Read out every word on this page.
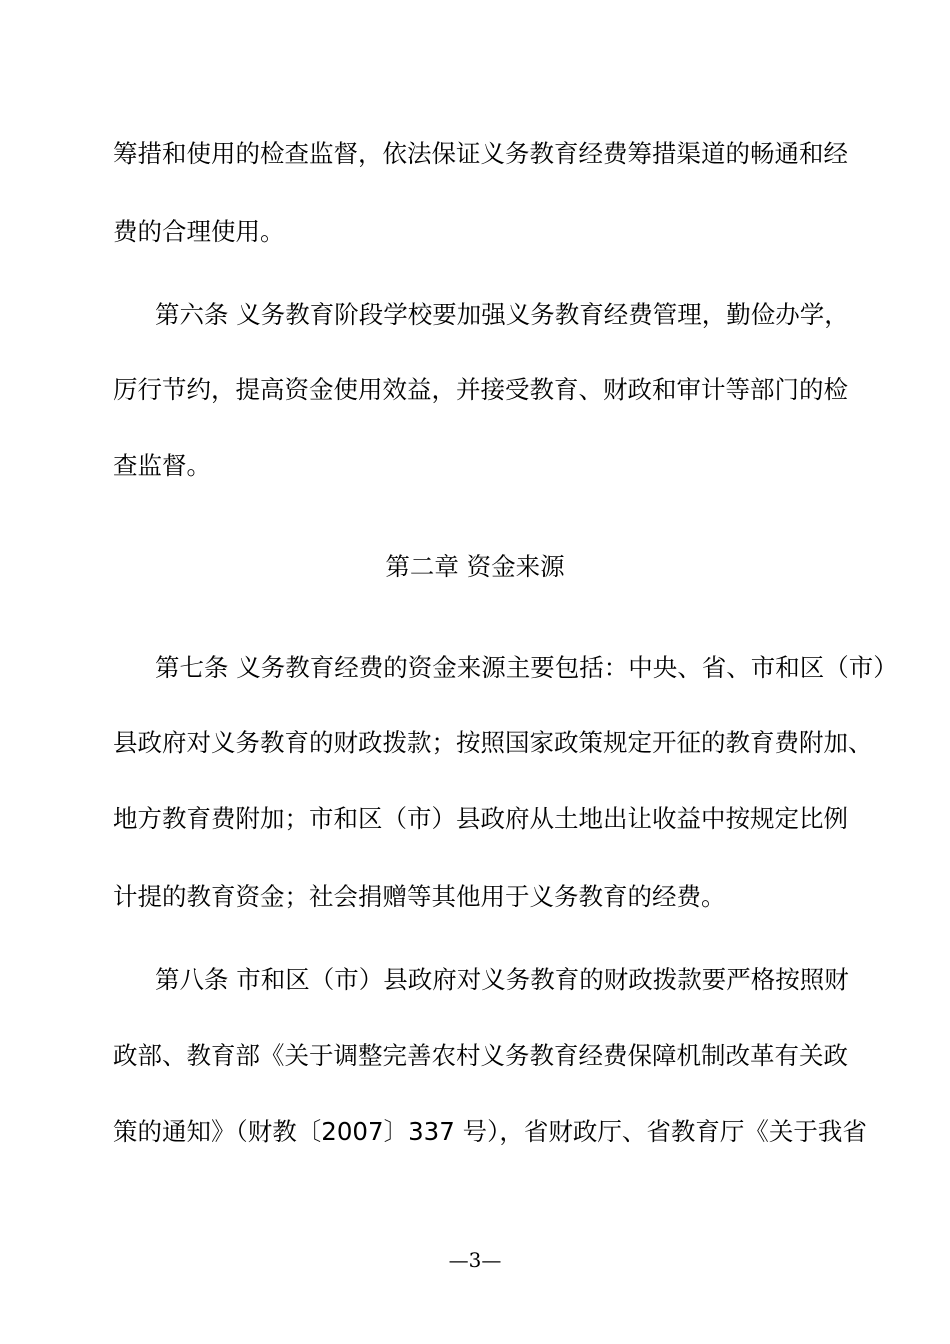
筹措和使用的检查监督，依法保证义务教育经费筹措渠道的畅通和经
费的合理使用。
第六条 义务教育阶段学校要加强义务教育经费管理，勤俭办学，
厉行节约，提高资金使用效益，并接受教育、财政和审计等部门的检
查监督。
第二章 资金来源
第七条 义务教育经费的资金来源主要包括：中央、省、市和区（市）
县政府对义务教育的财政拨款；按照国家政策规定开征的教育费附加、
地方教育费附加；市和区（市）县政府从土地出让收益中按规定比例
计提的教育资金；社会捐赠等其他用于义务教育的经费。
第八条 市和区（市）县政府对义务教育的财政拨款要严格按照财
政部、教育部《关于调整完善农村义务教育经费保障机制改革有关政
策的通知》（财教〔2007〕337 号），省财政厅、省教育厅《关于我省
—3—
